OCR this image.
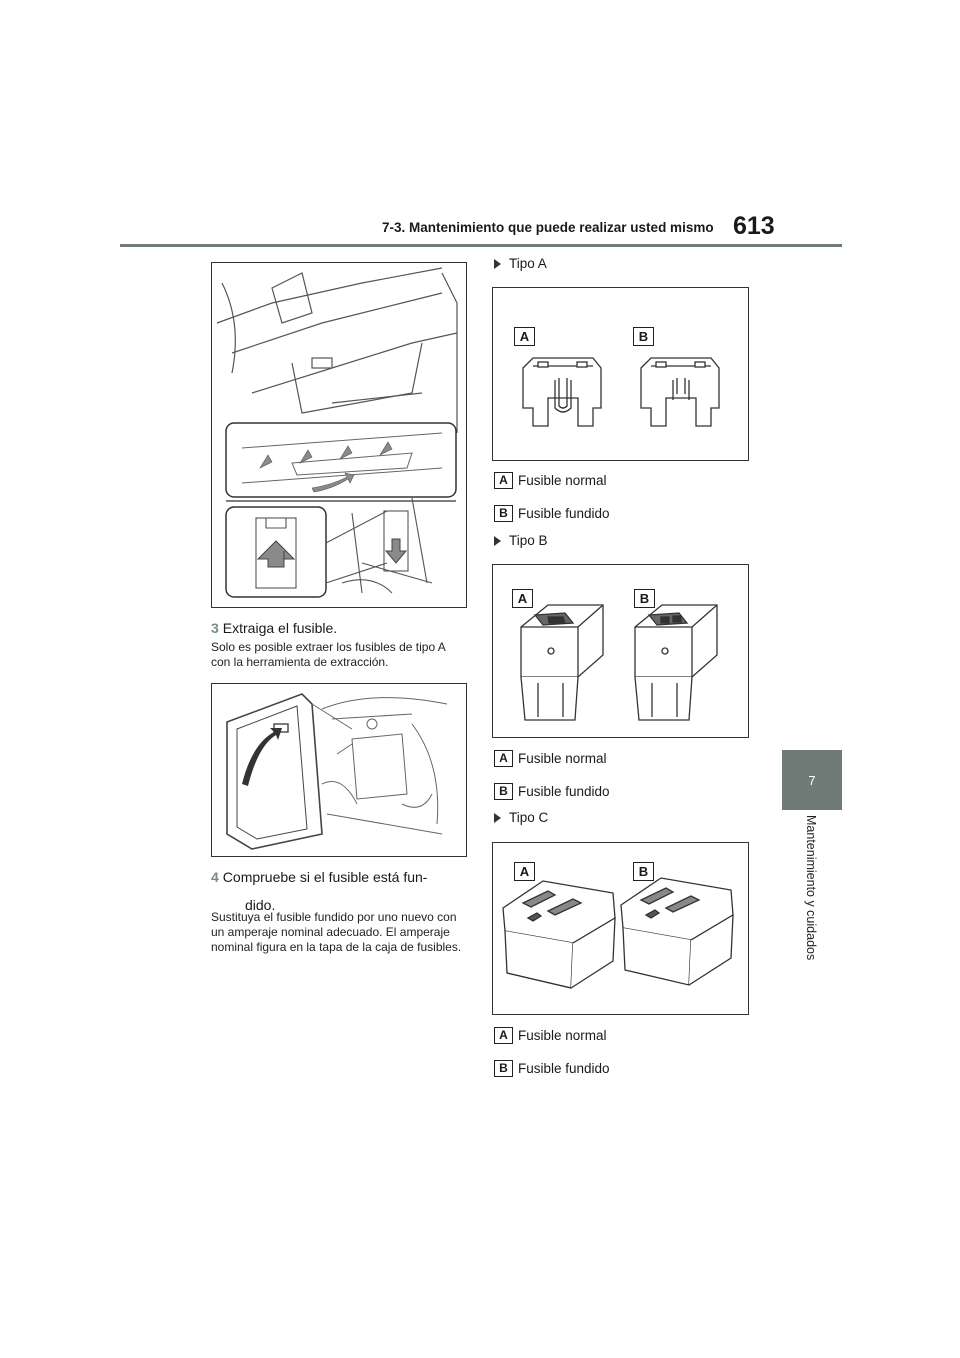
7-3. Mantenimiento que puede realizar usted mismo 613
7
Mantenimiento y cuidados
3 Extraiga el fusible.
Solo es posible extraer los fusibles de tipo A con la herramienta de extracción.
4 Compruebe si el fusible está fun-
dido.
Sustituya el fusible fundido por uno nuevo con un amperaje nominal adecuado. El amperaje nominal figura en la tapa de la caja de fusibles.
Tipo A
A	B
A Fusible normal
B Fusible fundido
Tipo B
A	B
A Fusible normal
B Fusible fundido
Tipo C
A	B
A Fusible normal
B Fusible fundido
